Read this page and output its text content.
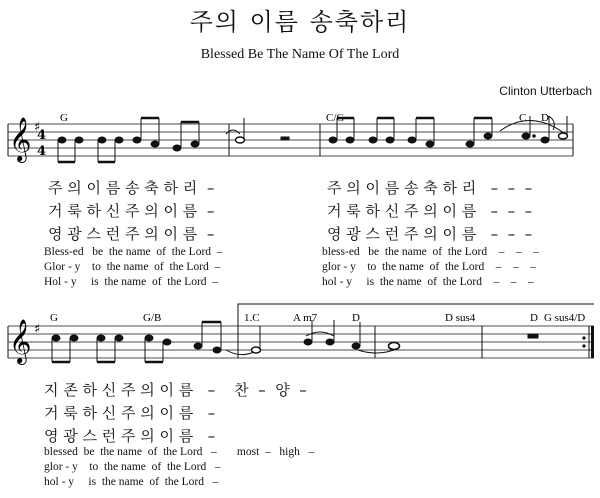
주의 이름 송축하리
Blessed Be The Name Of The Lord
Clinton Utterbach
𝄞 ♯
4
4
G	C/G	C D
𝄞 ♯
G	G/B	1.C	A m7	D	D sus4	D G sus4/D
주 의 이 름 송 축 하 리  –
거 룩 하 신 주 의 이 름  –
영 광 스 런 주 의 이 름  –
주 의 이 름 송 축 하 리   –  –  –
거 룩 하 신 주 의 이 름   –  –  –
영 광 스 런 주 의 이 름   –  –  –
Bless-ed   be  the name  of  the Lord  –
Glor - y    to  the name  of  the Lord  –
Hol - y     is  the name  of  the Lord  –
bless-ed   be  the name  of  the Lord    –    –    –
glor - y    to  the name  of  the Lord    –    –    –
hol - y     is  the name  of  the Lord    –    –    –
지 존 하 신 주 의 이 름   –    찬  –  양  –
거 룩 하 신 주 의 이 름   –
영 광 스 런 주 의 이 름   –
blessed  be  the name  of  the Lord   –       most  –   high   –
glor - y    to  the name  of  the Lord   –
hol - y     is  the name  of  the Lord   –
